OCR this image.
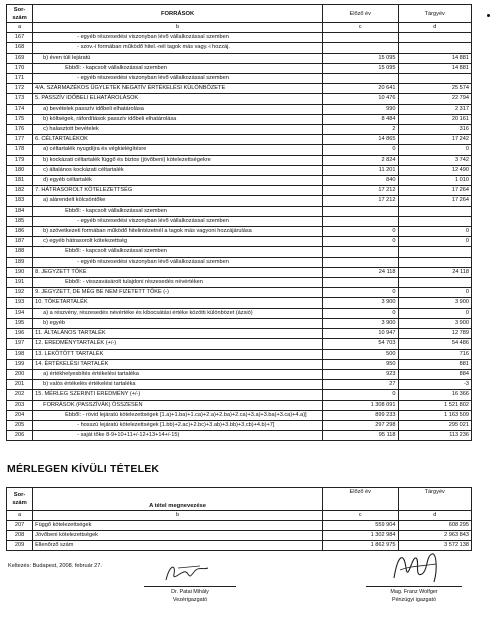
Sor-
szám	FORRÁSOK	Előző év	Tárgyév
a	b	c	d
167	- egyéb részesedési viszonyban lévő vállalkozással szemben		
168	- szov.-i formában működő hitel.-nél tagok más vagy.-i hozzáj.		
169	b) éven túli lejáratú	15 095	14 881
170	Ebből: - kapcsolt vállalkozással szemben	15 095	14 881
171	- egyéb részesedési viszonyban lévő vállalkozással szemben		
172	4/A. SZÁRMAZÉKOS ÜGYLETEK NEGATÍV ÉRTÉKELÉSI KÜLÖNBÖZETE	20 641	25 574
173	5. PASSZÍV IDŐBELI ELHATÁROLÁSOK	10 476	22 794
174	a) bevételek passzív időbeli elhatárolása	990	2 317
175	b) költségek, ráfordítások passzív időbeli elhatárolása	8 484	20 161
176	c) halasztott bevételek	2	316
177	6. CÉLTARTALÉKOK	14 865	17 242
178	a) céltartalék nyugdíjra és végkielégítésre	0	0
179	b) kockázati céltartalék függő és biztos (jövőbeni) kötelezettségekre	2 824	3 742
180	c) általános kockázati céltartalék	11 201	12 490
181	d) egyéb céltartalék	840	1 010
182	7. HÁTRASOROLT KÖTELEZETTSÉG	17 212	17 264
183	a) alárendelt kölcsöntőke	17 212	17 264
184	Ebből: - kapcsolt vállalkozással szemben		
185	- egyéb részesedési viszonyban lévő vállalkozással szemben		
186	b) szövetkezeti formában működő hitelintézetnél a tagok más vagyoni hozzájárulása	0	0
187	c) egyéb hátrasorolt kötelezettség	0	0
188	Ebből: - kapcsolt vállalkozással szemben		
189	- egyéb részesedési viszonyban lévő vállalkozással szemben		
190	8. JEGYZETT TŐKE	24 118	24 118
191	Ebből: - visszavásárolt tulajdoni részesedés névértéken		
192	9. JEGYZETT, DE MÉG BE NEM FIZETETT TŐKE (-)	0	0
193	10. TŐKETARTALÉK	3 900	3 900
194	a) a részvény, részesedés névértéke és kibocsátási értéke közötti különbözet (ázsió)	0	0
195	b) egyéb	3 900	3 900
196	11. ÁLTALÁNOS TARTALÉK	10 947	12 789
197	12. EREDMÉNYTARTALÉK (+/-)	54 703	54 486
198	13. LEKÖTÖTT TARTALÉK	500	716
199	14. ÉRTÉKELÉSI TARTALÉK	950	881
200	a) értékhelyesbítés értékelési tartaléka	923	884
201	b) valós értékelés értékelési tartaléka	27	-3
202	15. MÉRLEG SZERINTI EREDMÉNY (+/-)	0	16 366
203	FORRÁSOK (PASSZÍVÁK) ÖSSZESEN	1 308 091	1 521 802
204	Ebből: - rövid lejáratú kötelezettségek [1.a)+1.ba)+1.ca)+2.a)+2.ba)+2.ca)+3.a)+3.ba)+3.ca)+4.a)]	899 233	1 163 509
205	- hosszú lejáratú kötelezettségek [1.bb)+2.ac)+2.bc)+3.ab)+3.bb)+3.cb)+4.b)+7]	297 298	295 021
206	- saját tőke 8-9+10+11+/-12+13+14+/-15)	95 118	113 236
MÉRLEGEN KÍVÜLI TÉTELEK
Sor-
szám	A tétel megnevezése	Előző év	Tárgyév
a	b	c	d
207	Függő kötelezettségek	559 904	608 295
208	Jövőbeni kötelezettségek	1 302 984	2 963 843
209	Ellenőrző szám	1 862 975	3 572 138
Keltezés: Budapest, 2008. február 27.
Dr. Patai Mihály
Vezérigazgató
Mag. Franz Wolfger
Pénzügyi igazgató
